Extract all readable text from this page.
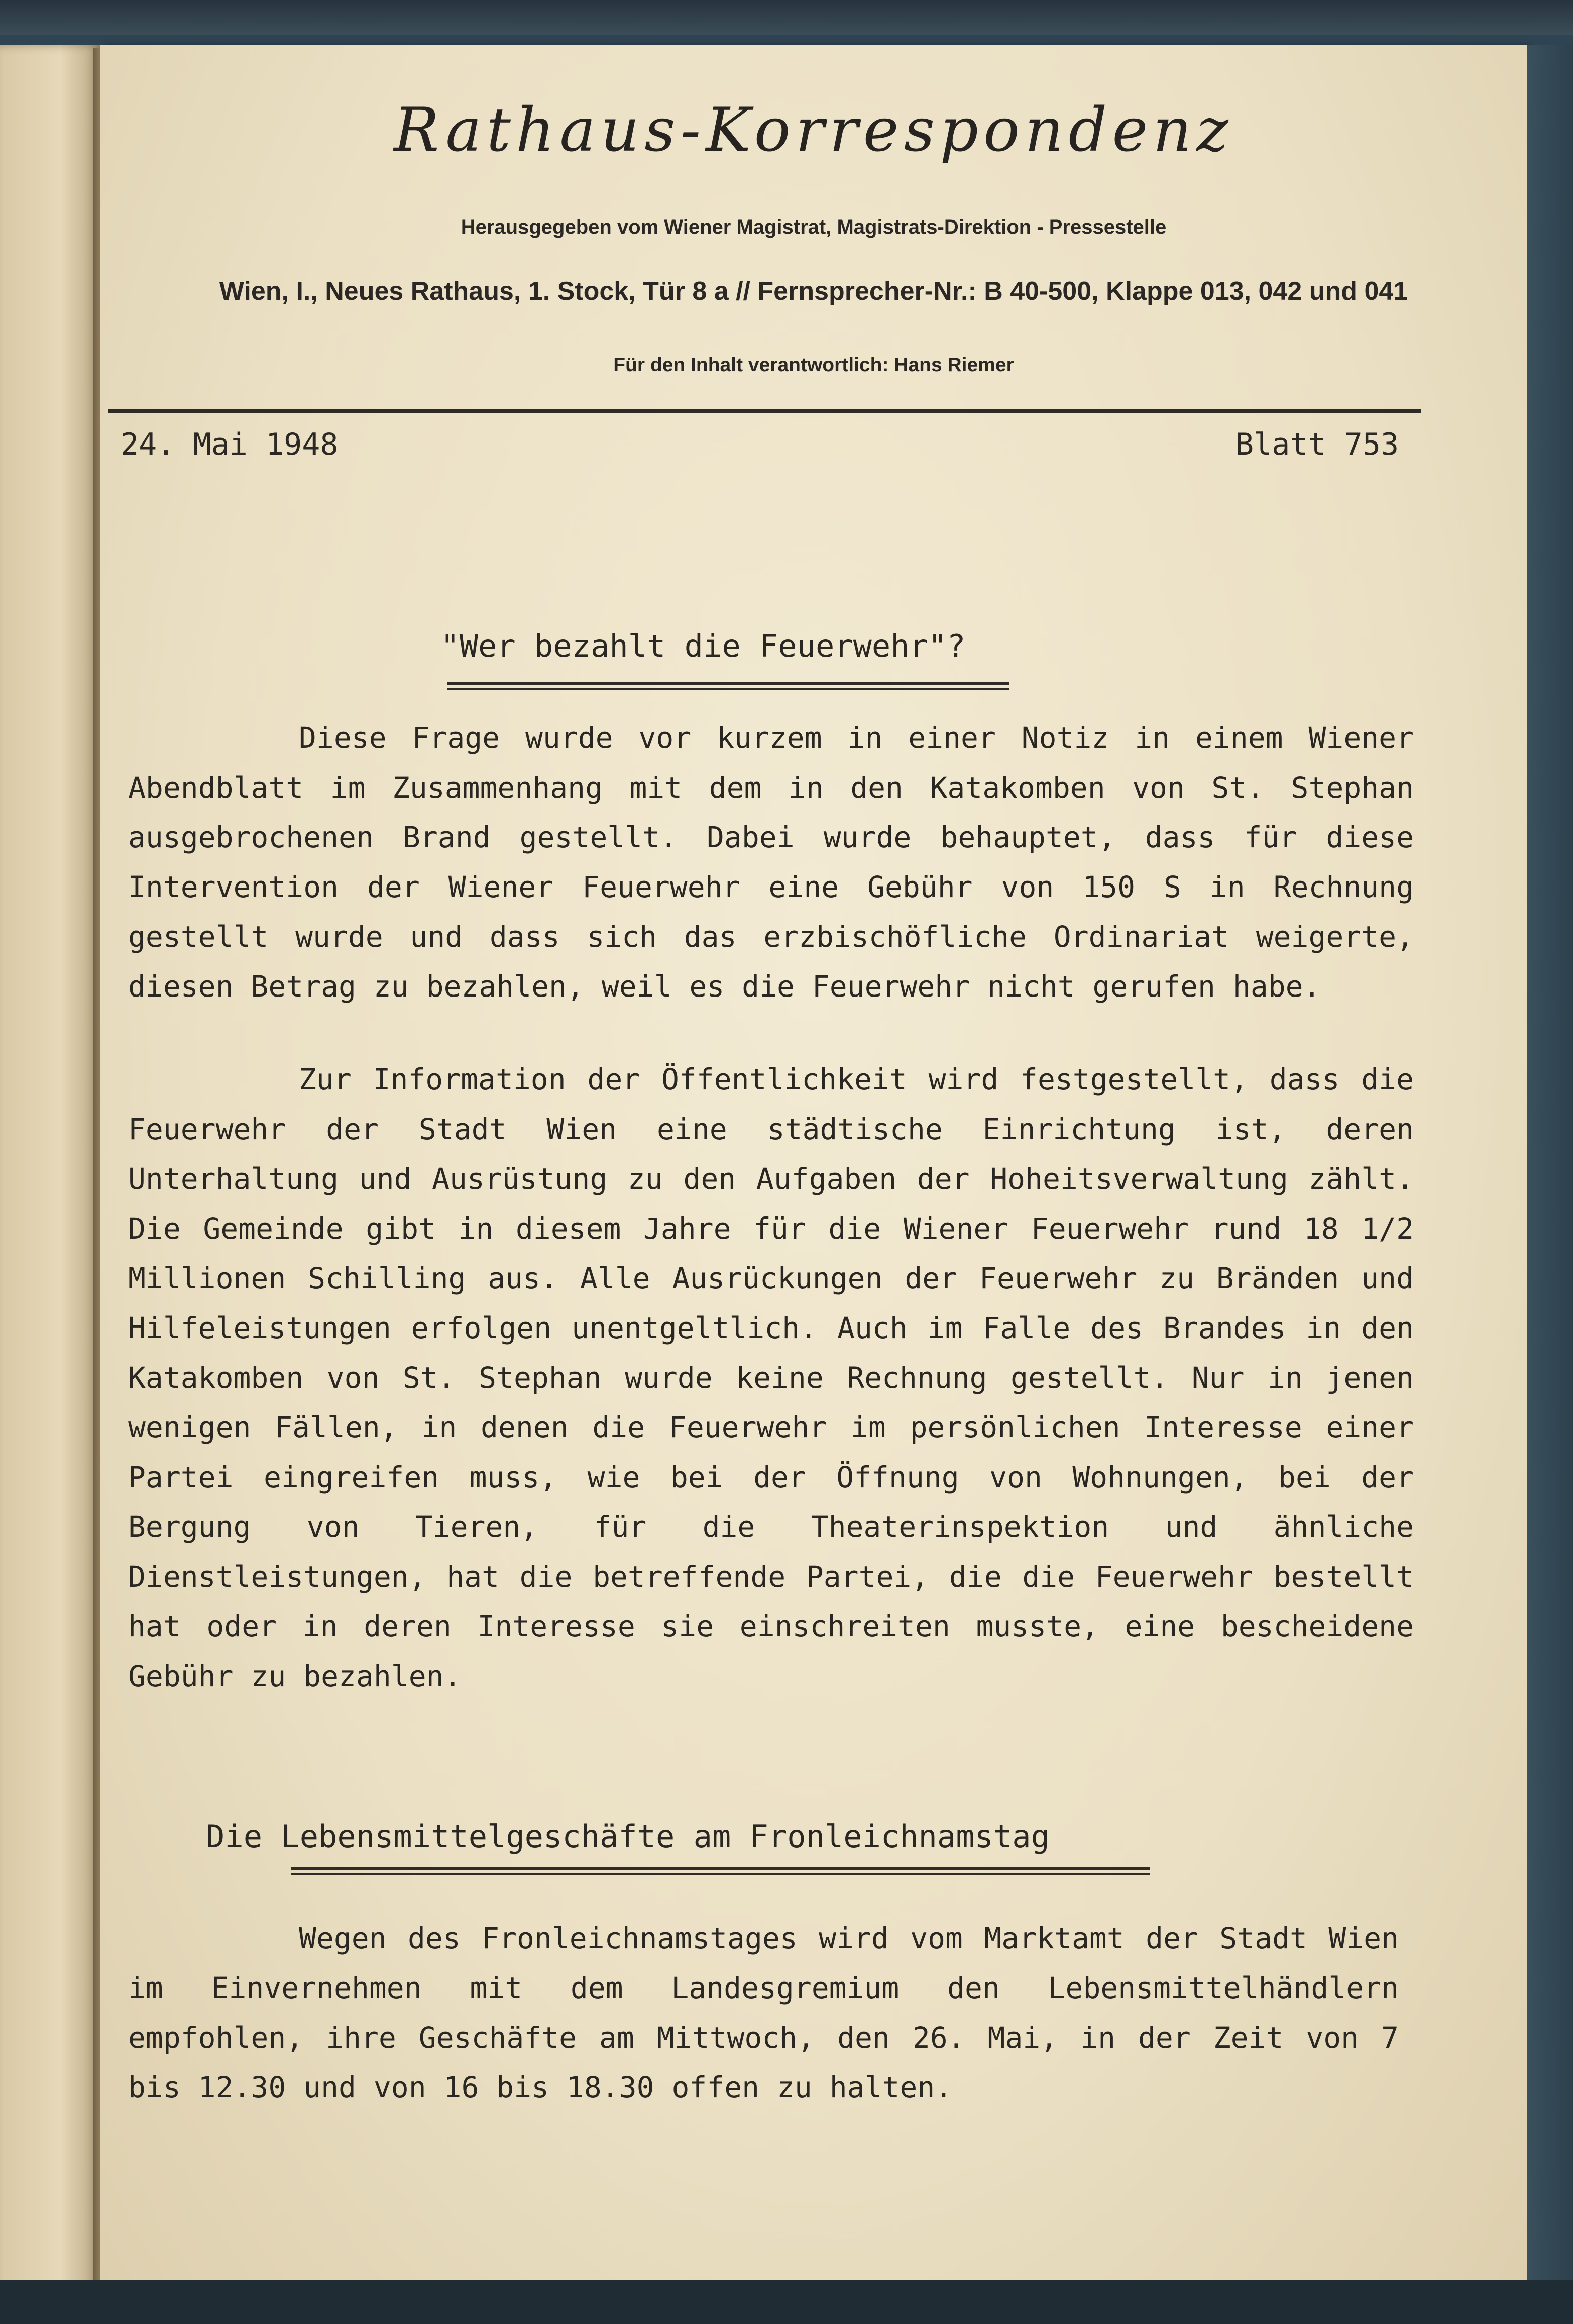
Rathaus-Korrespondenz
Herausgegeben vom Wiener Magistrat, Magistrats-Direktion - Pressestelle
Wien, I., Neues Rathaus, 1. Stock, Tür 8 a // Fernsprecher-Nr.: B 40-500, Klappe 013, 042 und 041
Für den Inhalt verantwortlich: Hans Riemer
24. Mai 1948	Blatt 753
"Wer bezahlt die Feuerwehr"?

Diese Frage wurde vor kurzem in einer Notiz in einem Wiener Abendblatt im Zusammenhang mit dem in den Katakomben von St. Stephan ausgebrochenen Brand gestellt. Dabei wurde behauptet, dass für diese Intervention der Wiener Feuerwehr eine Gebühr von 150 S in Rechnung gestellt wurde und dass sich das erzbischöfliche Ordinariat weigerte, diesen Betrag zu bezahlen, weil es die Feuerwehr nicht gerufen habe.

Zur Information der Öffentlichkeit wird festgestellt, dass die Feuerwehr der Stadt Wien eine städtische Einrichtung ist, deren Unterhaltung und Ausrüstung zu den Aufgaben der Hoheitsverwaltung zählt. Die Gemeinde gibt in diesem Jahre für die Wiener Feuerwehr rund 18 1/2 Millionen Schilling aus. Alle Ausrückungen der Feuerwehr zu Bränden und Hilfeleistungen erfolgen unentgeltlich. Auch im Falle des Brandes in den Katakomben von St. Stephan wurde keine Rechnung gestellt. Nur in jenen wenigen Fällen, in denen die Feuerwehr im persönlichen Interesse einer Partei eingreifen muss, wie bei der Öffnung von Wohnungen, bei der Bergung von Tieren, für die Theaterinspektion und ähnliche Dienstleistungen, hat die betreffende Partei, die die Feuerwehr bestellt hat oder in deren Interesse sie einschreiten musste, eine bescheidene Gebühr zu bezahlen.

Die Lebensmittelgeschäfte am Fronleichnamstag

Wegen des Fronleichnamstages wird vom Marktamt der Stadt Wien im Einvernehmen mit dem Landesgremium den Lebensmittelhändlern empfohlen, ihre Geschäfte am Mittwoch, den 26. Mai, in der Zeit von 7 bis 12.30 und von 16 bis 18.30 offen zu halten.
